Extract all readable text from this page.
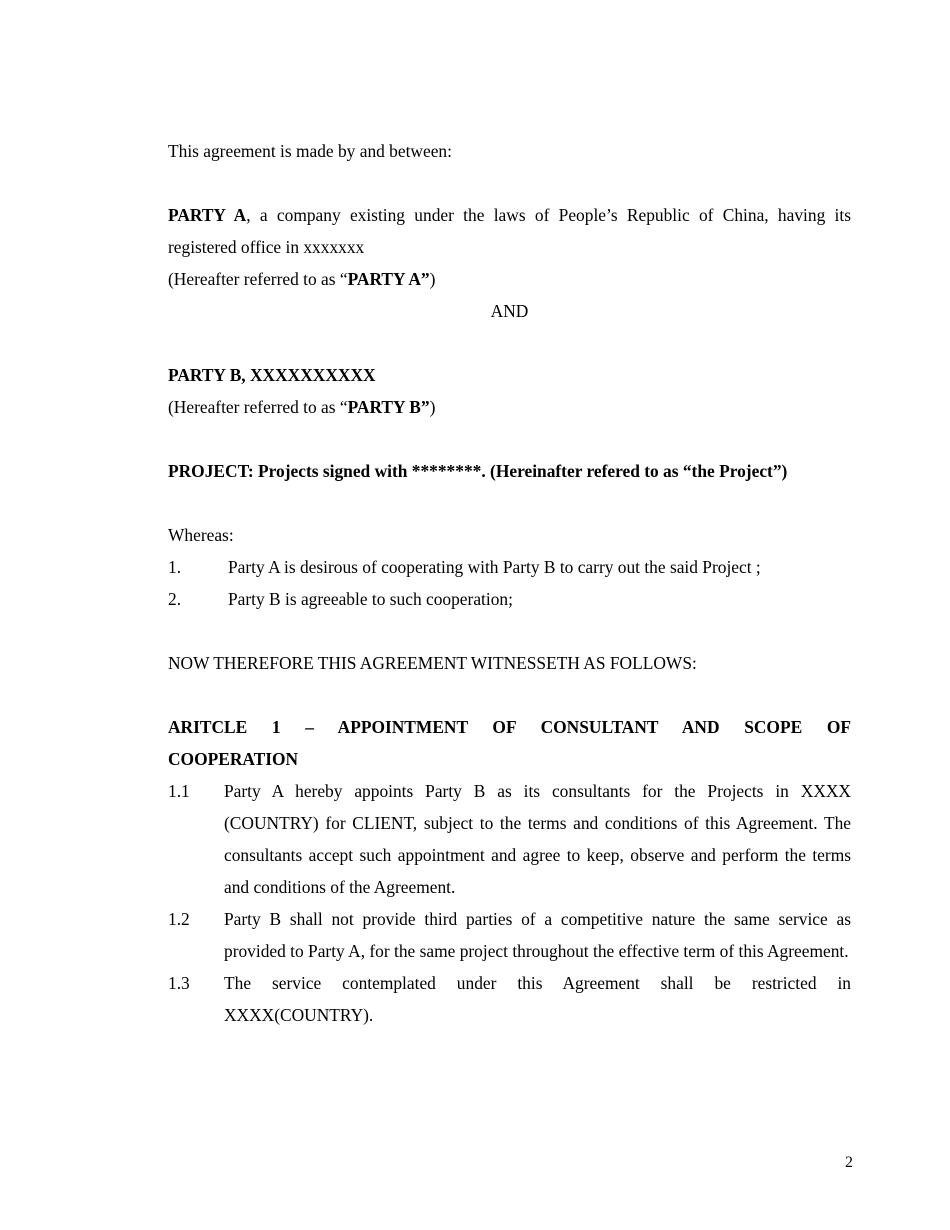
This agreement is made by and between:

PARTY A, a company existing under the laws of People’s Republic of China, having its registered office in xxxxxxx

(Hereafter referred to as “PARTY A”)

AND

PARTY B, XXXXXXXXXX

(Hereafter referred to as “PARTY B”)

PROJECT: Projects signed with ********. (Hereinafter refered to as “the Project”)

Whereas:

1.	Party A is desirous of cooperating with Party B to carry out the said Project ;
2.	Party B is agreeable to such cooperation;

NOW THEREFORE THIS AGREEMENT WITNESSETH AS FOLLOWS:

ARITCLE 1 – APPOINTMENT OF CONSULTANT AND SCOPE OF

COOPERATION

1.1	Party A hereby appoints Party B as its consultants for the Projects in XXXX (COUNTRY) for CLIENT, subject to the terms and conditions of this Agreement. The consultants accept such appointment and agree to keep, observe and perform the terms and conditions of the Agreement.
1.2	Party B shall not provide third parties of a competitive nature the same service as provided to Party A, for the same project throughout the effective term of this Agreement.
1.3	The service contemplated under this Agreement shall be restricted in XXXX(COUNTRY).
2
